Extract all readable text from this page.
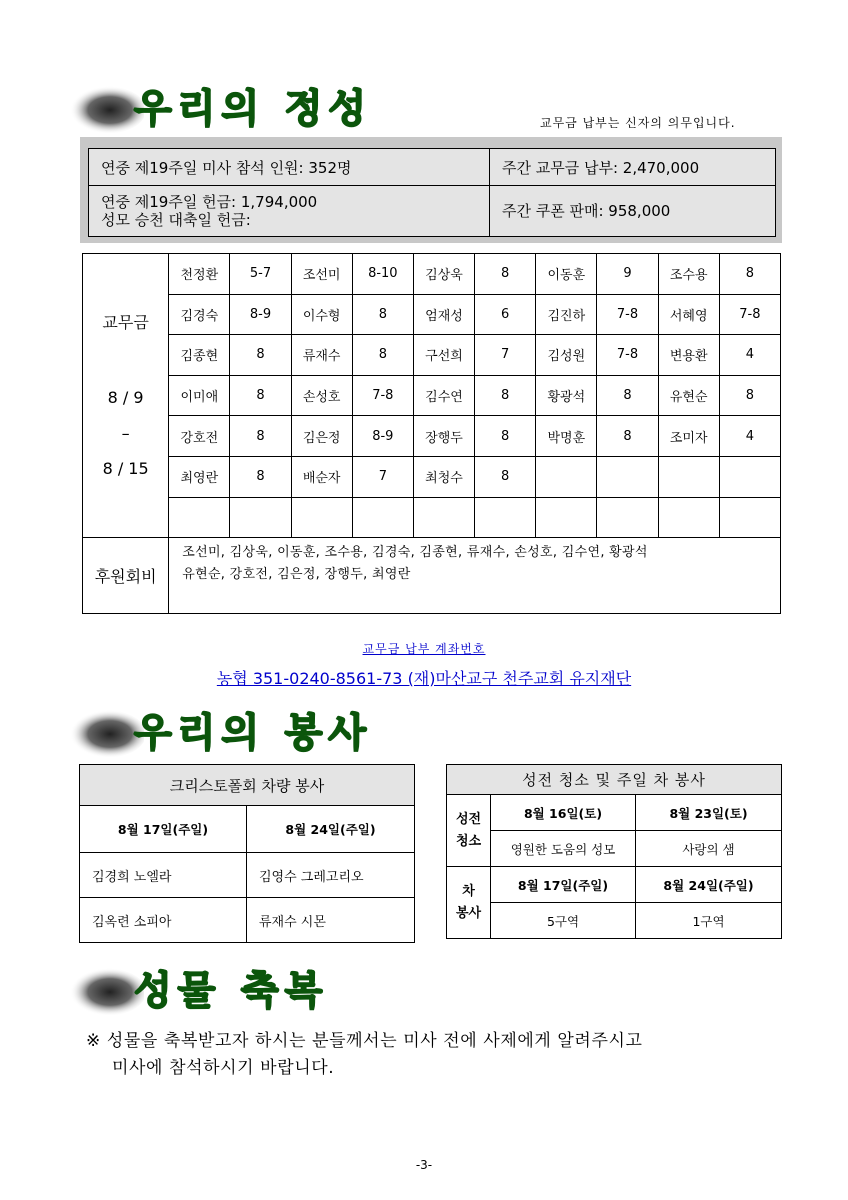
우리의 정성	교무금 납부는 신자의 의무입니다.
연중 제19주일 미사 참석 인원: 352명	주간 교무금 납부: 2,470,000

연중 제19주일 헌금: 1,794,000
성모 승천 대축일 헌금:	주간 쿠폰 판매: 958,000
교무금
8 / 9
–
8 / 15	천정환	5-7	조선미	8-10	김상욱	8	이동훈	9	조수용	8
	김경숙	8-9	이수형	8	엄재성	6	김진하	7-8	서혜영	7-8
	김종현	8	류재수	8	구선희	7	김성원	7-8	변용환	4
	이미애	8	손성호	7-8	김수연	8	황광석	8	유현순	8
	강호전	8	김은정	8-9	장행두	8	박명훈	8	조미자	4
	최영란	8	배순자	7	최청수	8				

후원회비	조선미, 김상욱, 이동훈, 조수용, 김경숙, 김종현, 류재수, 손성호, 김수연, 황광석
유현순, 강호전, 김은정, 장행두, 최영란									
교무금 납부 계좌번호
농협 351-0240-8561-73 (재)마산교구 천주교회 유지재단
우리의 봉사
크리스토폴회 차량 봉사	
8월 17일(주일)	8월 24일(주일)
김경희 노엘라	김영수 그레고리오
김옥련 소피아	류재수 시몬
성전 청소 및 주일 차 봉사		

성전
청소	8월 16일(토)	8월 23일(토)
	영원한 도움의 성모	사랑의 샘

차
봉사	8월 17일(주일)	8월 24일(주일)
	5구역	1구역
성물 축복
※ 성물을 축복받고자 하시는 분들께서는 미사 전에 사제에게 알려주시고
미사에 참석하시기 바랍니다.
-3-
